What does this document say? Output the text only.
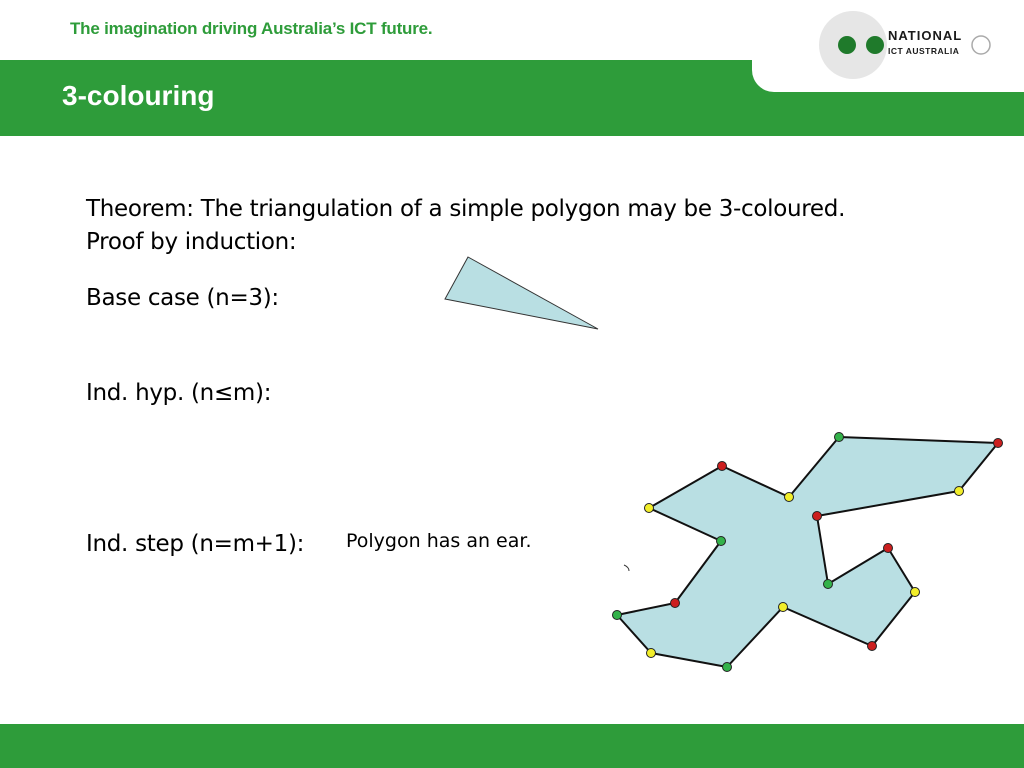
The imagination driving Australia’s ICT future.	NATIONAL
ICT AUSTRALIA
3-colouring
Theorem: The triangulation of a simple polygon may be 3-coloured.
Proof by induction:
Base case (n=3):
Ind. hyp. (n≤m):
Ind. step (n=m+1): Polygon has an ear.
